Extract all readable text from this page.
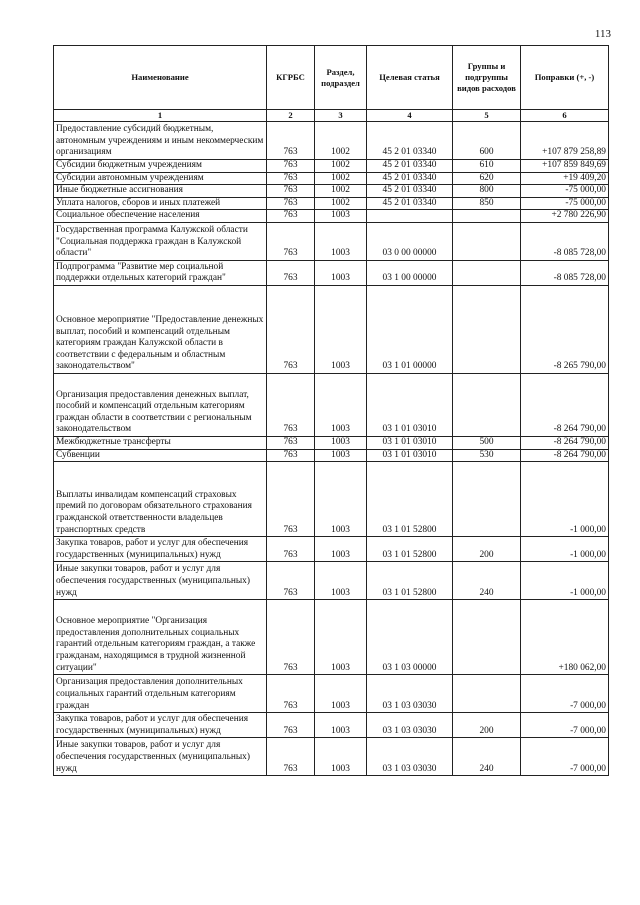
113
Наименование	КГРБС	Раздел, подраздел	Целевая статья	Группы и подгруппы видов расходов	Поправки (+, -)
1	2	3	4	5	6
Предоставление субсидий бюджетным, автономным учреждениям и иным некоммерческим организациям	763	1002	45 2 01 03340	600	+107 879 258,89
Субсидии бюджетным учреждениям	763	1002	45 2 01 03340	610	+107 859 849,69
Субсидии автономным учреждениям	763	1002	45 2 01 03340	620	+19 409,20
Иные бюджетные ассигнования	763	1002	45 2 01 03340	800	-75 000,00
Уплата налогов, сборов и иных платежей	763	1002	45 2 01 03340	850	-75 000,00
Социальное обеспечение населения	763	1003			+2 780 226,90
Государственная программа Калужской области "Социальная поддержка граждан в Калужской области"	763	1003	03 0 00 00000		-8 085 728,00
Подпрограмма "Развитие мер социальной поддержки отдельных категорий граждан"	763	1003	03 1 00 00000		-8 085 728,00
Основное мероприятие "Предоставление денежных выплат, пособий и компенсаций отдельным категориям граждан Калужской области в соответствии с федеральным и областным законодательством"	763	1003	03 1 01 00000		-8 265 790,00
Организация предоставления денежных выплат, пособий и компенсаций отдельным категориям граждан области в соответствии с региональным законодательством	763	1003	03 1 01 03010		-8 264 790,00
Межбюджетные трансферты	763	1003	03 1 01 03010	500	-8 264 790,00
Субвенции	763	1003	03 1 01 03010	530	-8 264 790,00
Выплаты инвалидам компенсаций страховых премий по договорам обязательного страхования гражданской ответственности владельцев транспортных средств	763	1003	03 1 01 52800		-1 000,00
Закупка товаров, работ и услуг для обеспечения государственных (муниципальных) нужд	763	1003	03 1 01 52800	200	-1 000,00
Иные закупки товаров, работ и услуг для обеспечения государственных (муниципальных) нужд	763	1003	03 1 01 52800	240	-1 000,00
Основное мероприятие "Организация предоставления дополнительных социальных гарантий отдельным категориям граждан, а также гражданам, находящимся в трудной жизненной ситуации"	763	1003	03 1 03 00000		+180 062,00
Организация предоставления дополнительных социальных гарантий отдельным категориям граждан	763	1003	03 1 03 03030		-7 000,00
Закупка товаров, работ и услуг для обеспечения государственных (муниципальных) нужд	763	1003	03 1 03 03030	200	-7 000,00
Иные закупки товаров, работ и услуг для обеспечения государственных (муниципальных) нужд	763	1003	03 1 03 03030	240	-7 000,00
